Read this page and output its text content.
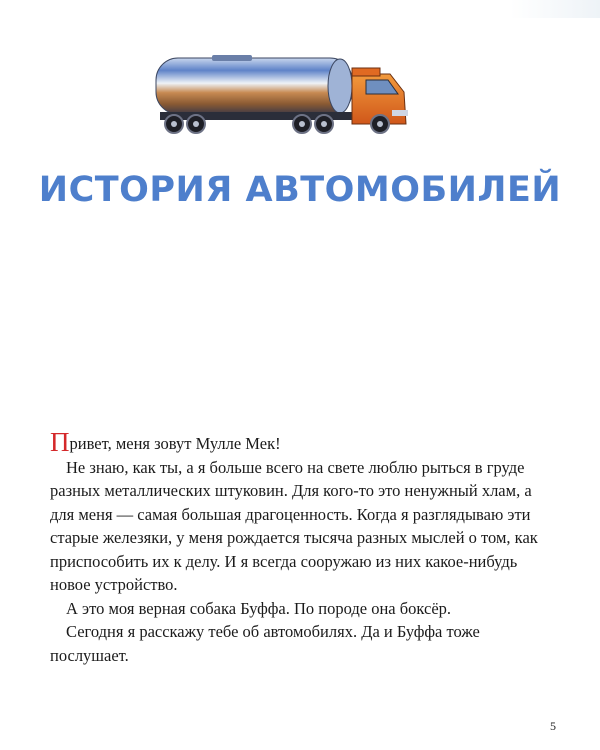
ИСТОРИЯ АВТОМОБИЛЕЙ

Привет, меня зовут Мулле Мек!

Не знаю, как ты, а я больше всего на свете люблю рыться в груде разных металлических штуковин. Для кого-то это ненужный хлам, а для меня — самая большая драгоценность. Когда я разглядываю эти старые железяки, у меня рождается тысяча разных мыслей о том, как приспособить их к делу. И я всегда сооружаю из них какое-нибудь новое устройство.

А это моя верная собака Буффа. По породе она боксёр.

Сегодня я расскажу тебе об автомобилях. Да и Буффа тоже послушает.

5
